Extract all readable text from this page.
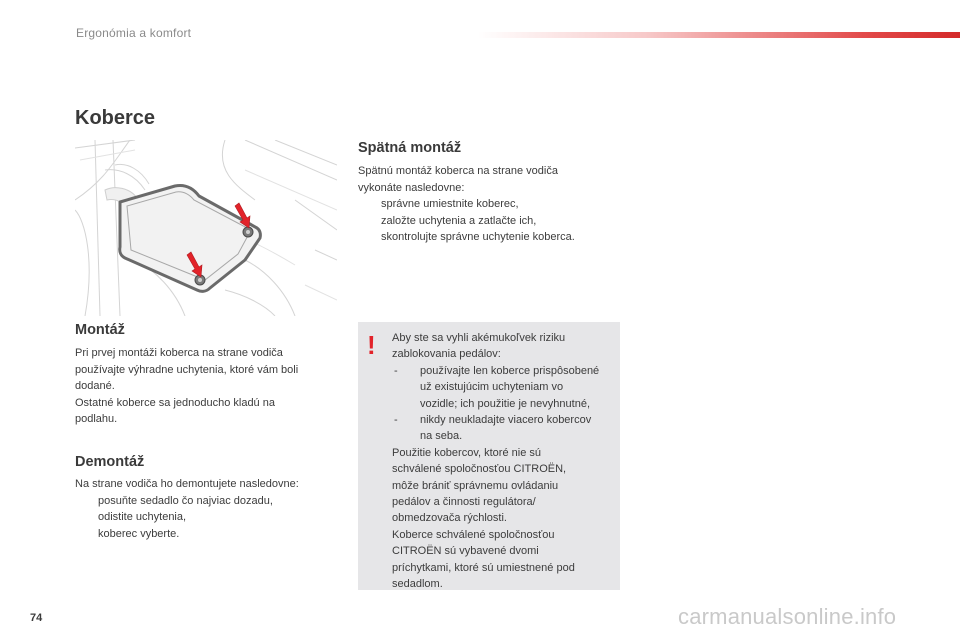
Ergonómia a komfort
Koberce
Montáž
Pri prvej montáži koberca na strane vodiča
používajte výhradne uchytenia, ktoré vám boli
dodané.
Ostatné koberce sa jednoducho kladú na
podlahu.
Demontáž
Na strane vodiča ho demontujete nasledovne:
posuňte sedadlo čo najviac dozadu,
odistite uchytenia,
koberec vyberte.
Spätná montáž
Spätnú montáž koberca na strane vodiča
vykonáte nasledovne:
správne umiestnite koberec,
založte uchytenia a zatlačte ich,
skontrolujte správne uchytenie koberca.
! Aby ste sa vyhli akémukoľvek riziku
zablokovania pedálov:
- používajte len koberce prispôsobené
už existujúcim uchyteniam vo
vozidle; ich použitie je nevyhnutné,
- nikdy neukladajte viacero kobercov
na seba.
Použitie kobercov, ktoré nie sú
schválené spoločnosťou CITROËN,
môže brániť správnemu ovládaniu
pedálov a činnosti regulátora/
obmedzovača rýchlosti.
Koberce schválené spoločnosťou
CITROËN sú vybavené dvomi
príchytkami, ktoré sú umiestnené pod
sedadlom.
74	carmanualsonline.info
